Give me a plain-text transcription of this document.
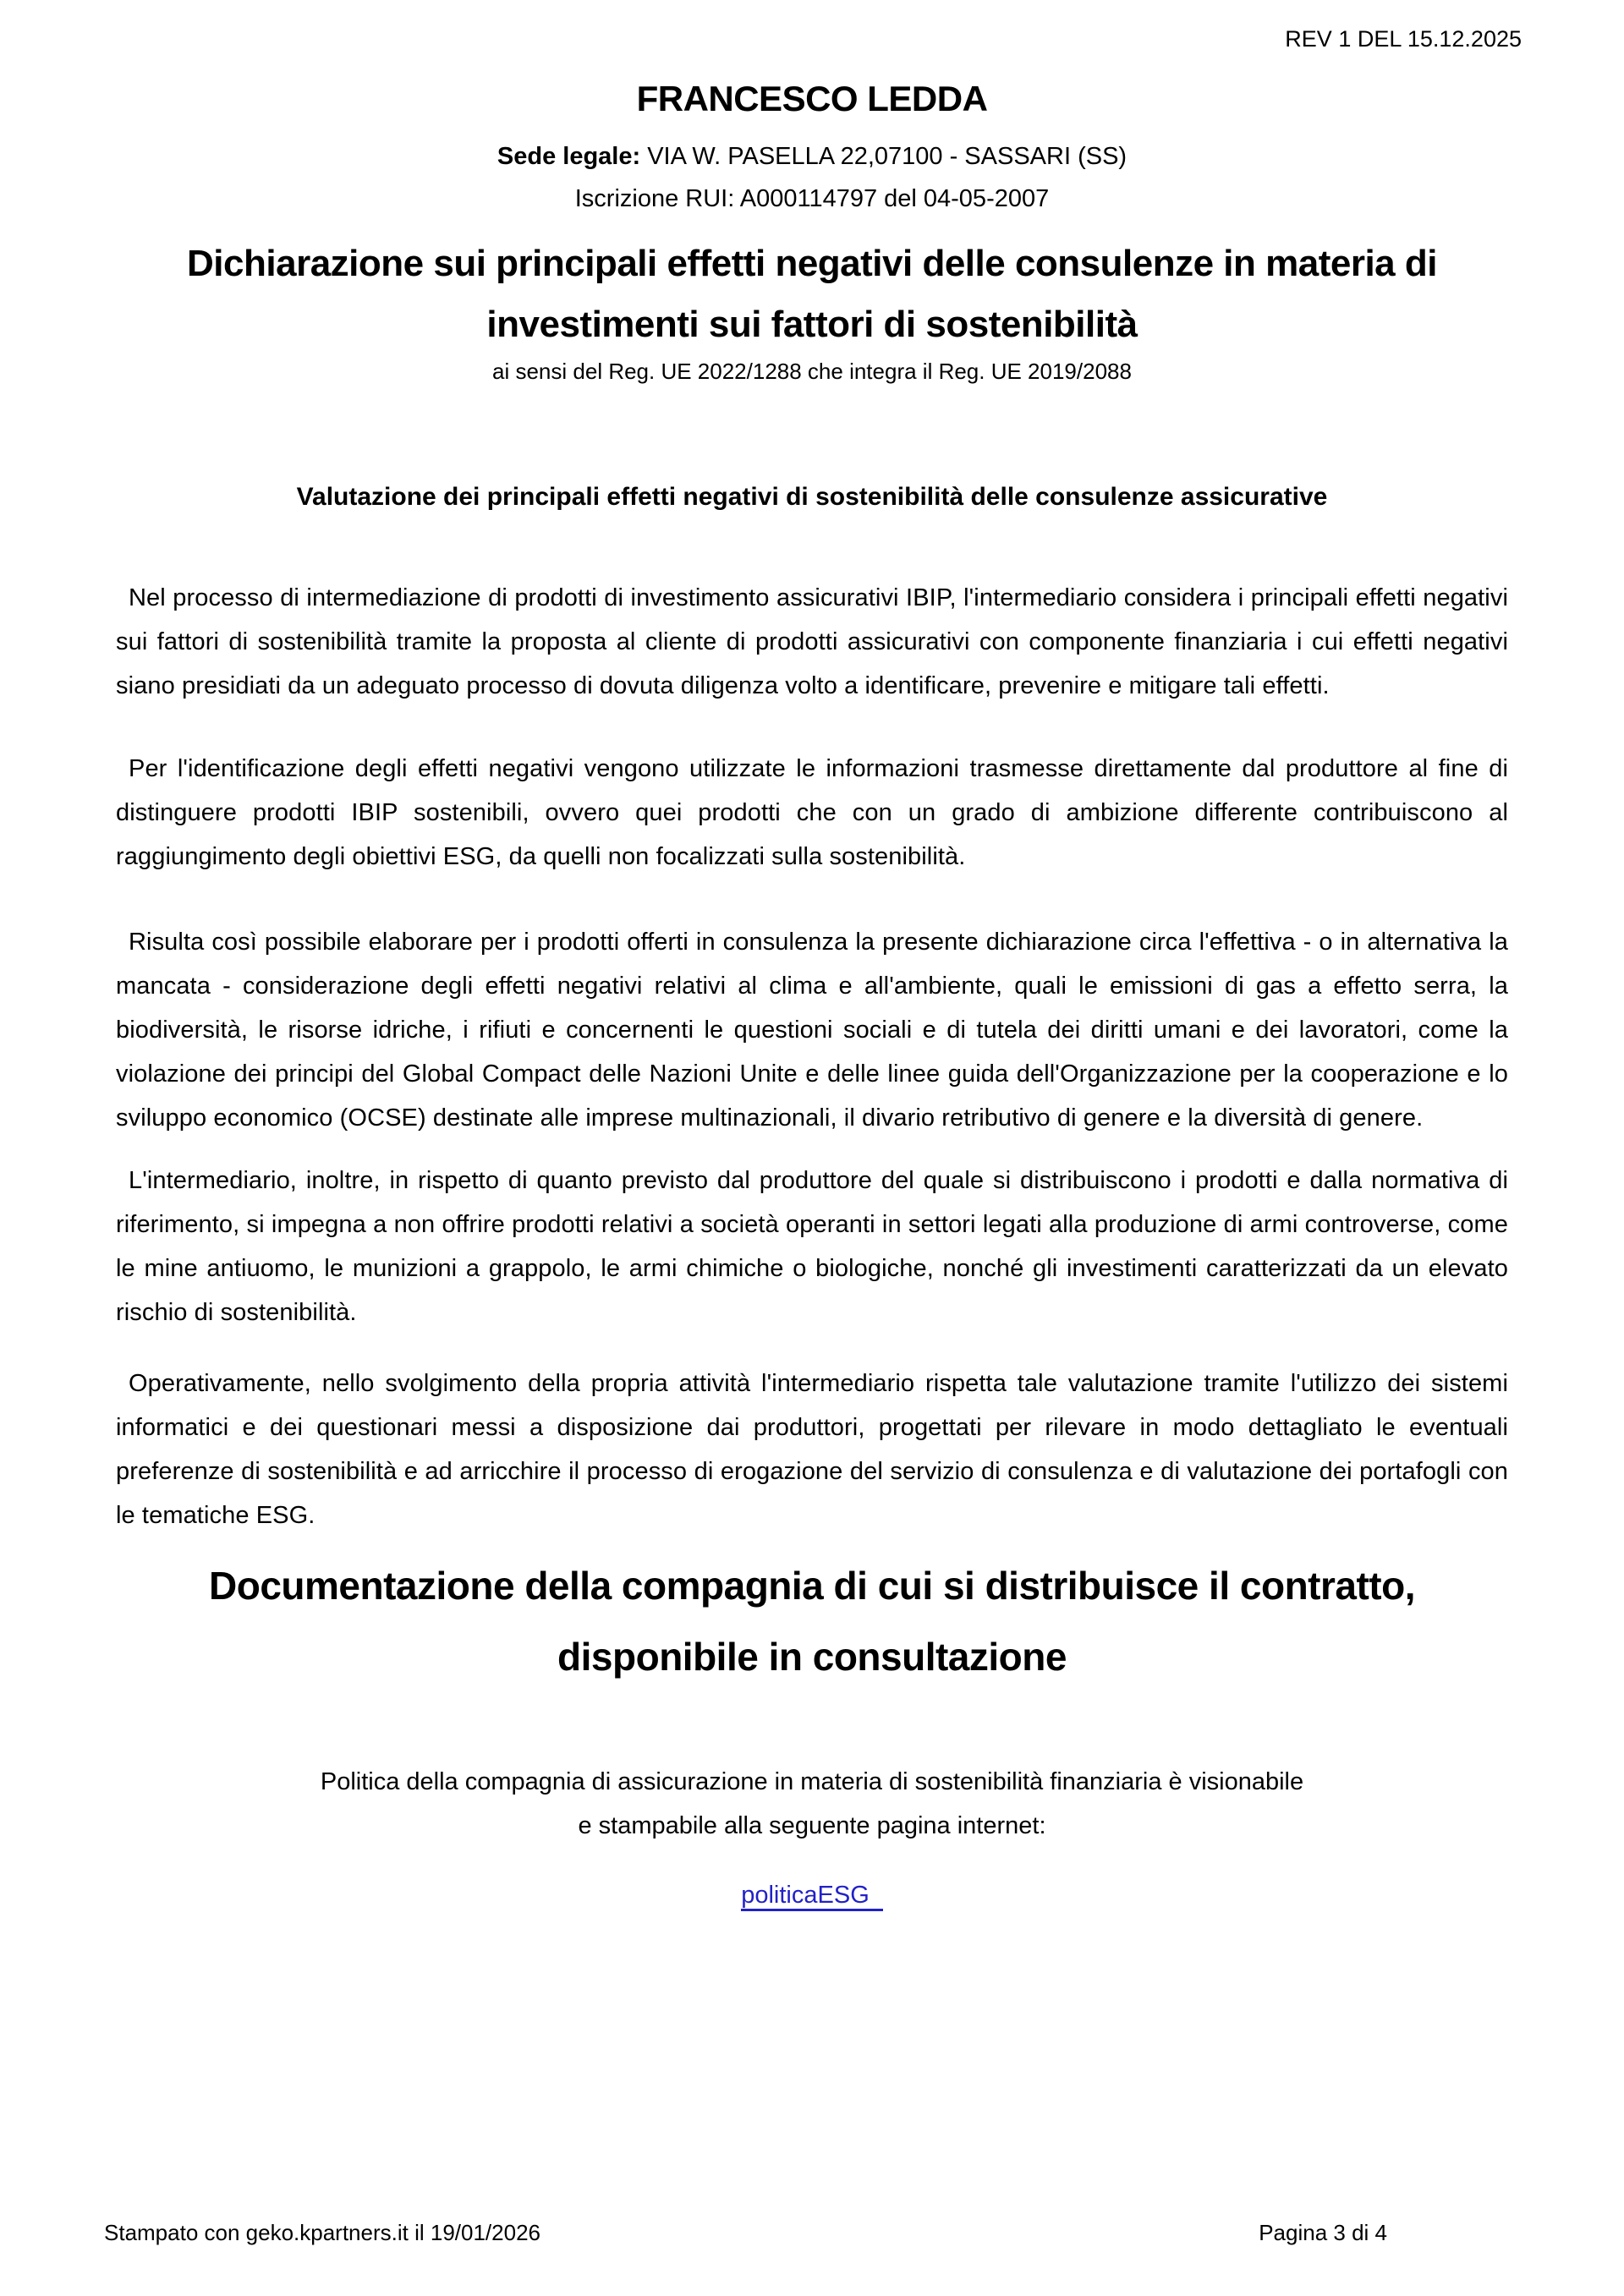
REV 1 DEL 15.12.2025
FRANCESCO LEDDA

Sede legale: VIA W. PASELLA 22,07100 - SASSARI (SS)

Iscrizione RUI: A000114797 del 04-05-2007

Dichiarazione sui principali effetti negativi delle consulenze in materia di investimenti sui fattori di sostenibilità

ai sensi del Reg. UE 2022/1288 che integra il Reg. UE 2019/2088

Valutazione dei principali effetti negativi di sostenibilità delle consulenze assicurative

Nel processo di intermediazione di prodotti di investimento assicurativi IBIP, l'intermediario considera i principali effetti negativi sui fattori di sostenibilità tramite la proposta al cliente di prodotti assicurativi con componente finanziaria i cui effetti negativi siano presidiati da un adeguato processo di dovuta diligenza volto a identificare, prevenire e mitigare tali effetti.

Per l'identificazione degli effetti negativi vengono utilizzate le informazioni trasmesse direttamente dal produttore al fine di distinguere prodotti IBIP sostenibili, ovvero quei prodotti che con un grado di ambizione differente contribuiscono al raggiungimento degli obiettivi ESG, da quelli non focalizzati sulla sostenibilità.

Risulta così possibile elaborare per i prodotti offerti in consulenza la presente dichiarazione circa l'effettiva - o in alternativa la mancata - considerazione degli effetti negativi relativi al clima e all'ambiente, quali le emissioni di gas a effetto serra, la biodiversità, le risorse idriche, i rifiuti e concernenti le questioni sociali e di tutela dei diritti umani e dei lavoratori, come la violazione dei principi del Global Compact delle Nazioni Unite e delle linee guida dell'Organizzazione per la cooperazione e lo sviluppo economico (OCSE) destinate alle imprese multinazionali, il divario retributivo di genere e la diversità di genere.

L'intermediario, inoltre, in rispetto di quanto previsto dal produttore del quale si distribuiscono i prodotti e dalla normativa di riferimento, si impegna a non offrire prodotti relativi a società operanti in settori legati alla produzione di armi controverse, come le mine antiuomo, le munizioni a grappolo, le armi chimiche o biologiche, nonché gli investimenti caratterizzati da un elevato rischio di sostenibilità.

Operativamente, nello svolgimento della propria attività l'intermediario rispetta tale valutazione tramite l'utilizzo dei sistemi informatici e dei questionari messi a disposizione dai produttori, progettati per rilevare in modo dettagliato le eventuali preferenze di sostenibilità e ad arricchire il processo di erogazione del servizio di consulenza e di valutazione dei portafogli con le tematiche ESG.

Documentazione della compagnia di cui si distribuisce il contratto, disponibile in consultazione

Politica della compagnia di assicurazione in materia di sostenibilità finanziaria è visionabile e stampabile alla seguente pagina internet:

politicaESG
Stampato con geko.kpartners.it il 19/01/2026	Pagina 3 di 4
